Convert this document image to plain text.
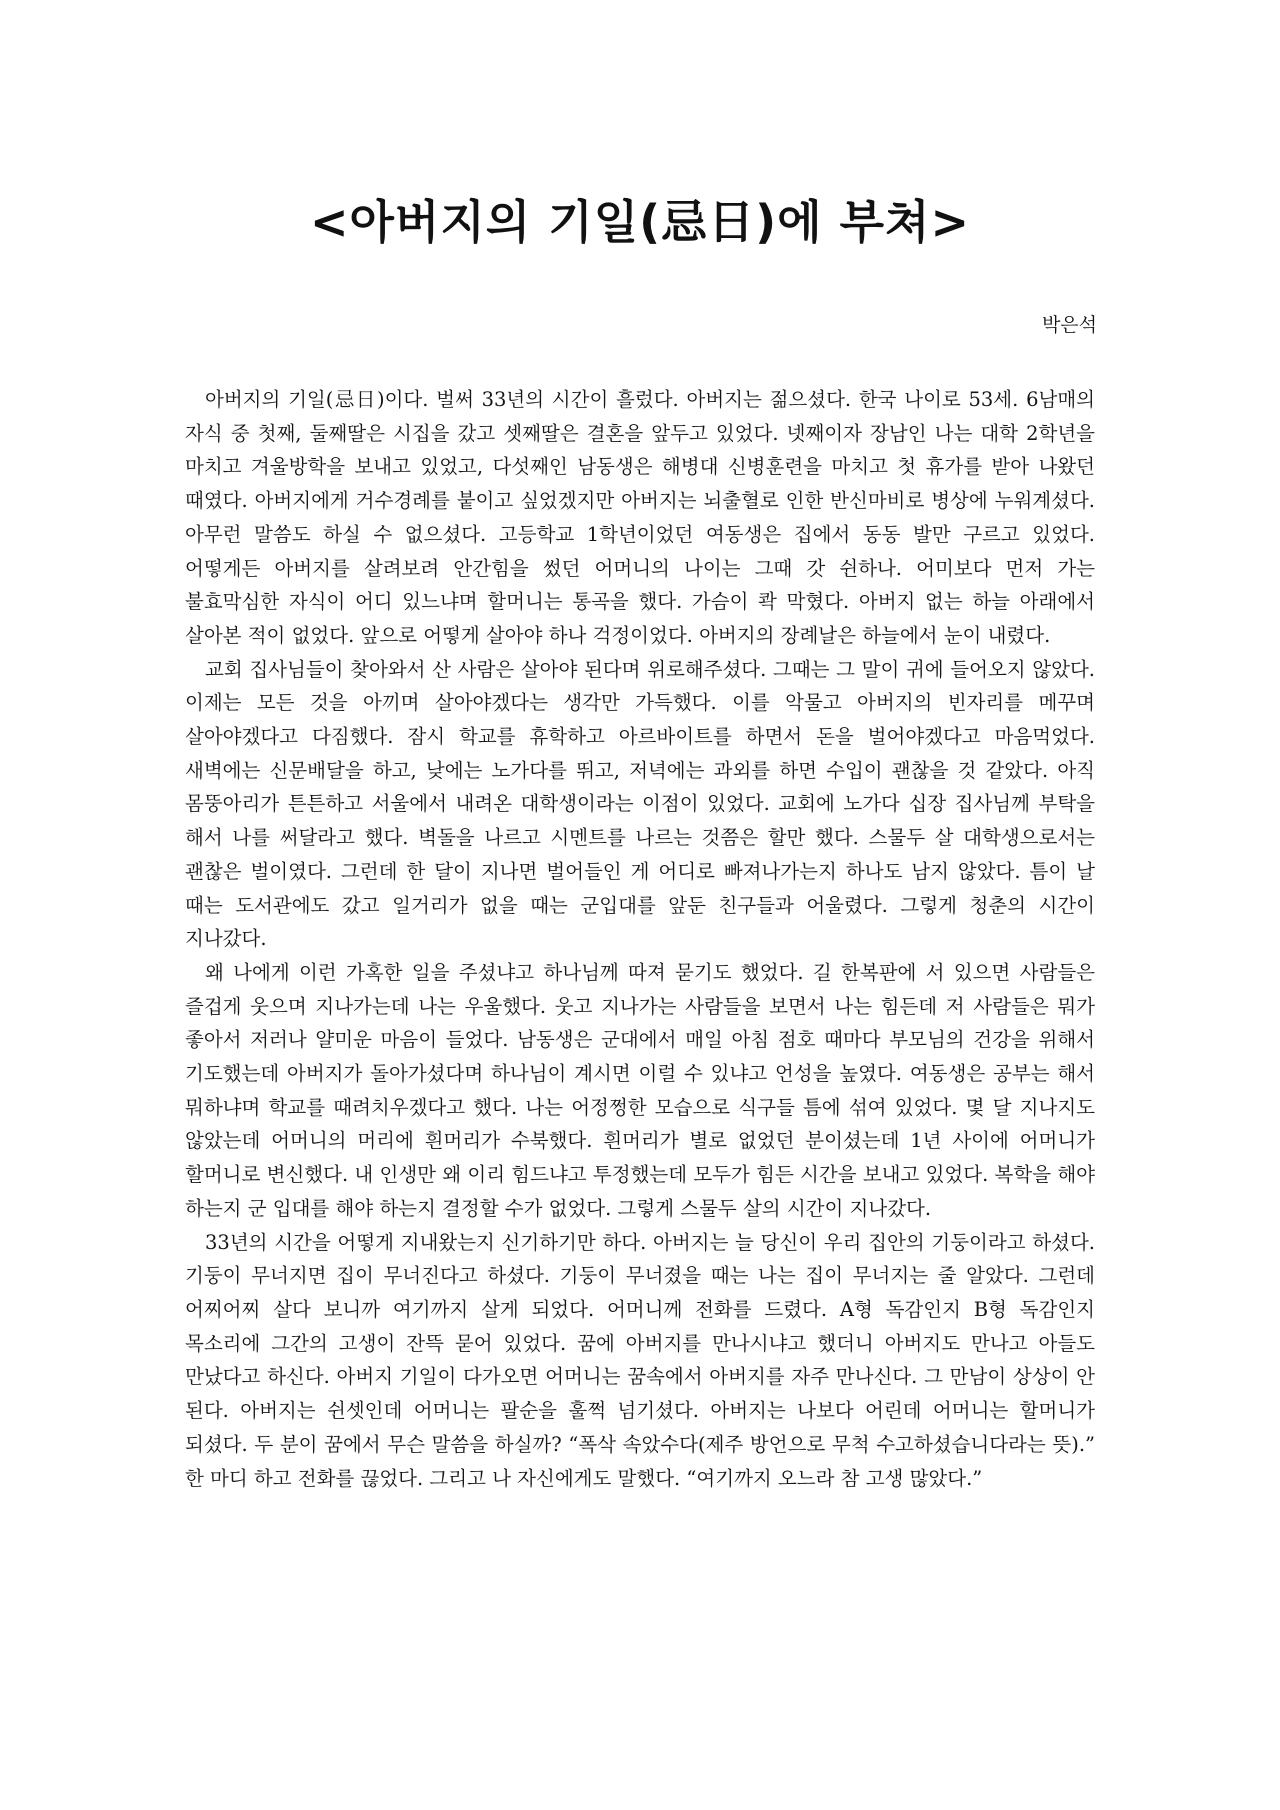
<아버지의 기일(忌日)에 부쳐>
박은석

아버지의 기일(忌日)이다. 벌써 33년의 시간이 흘렀다. 아버지는 젊으셨다. 한국 나이로 53세. 6남매의 자식 중 첫째, 둘째딸은 시집을 갔고 셋째딸은 결혼을 앞두고 있었다. 넷째이자 장남인 나는 대학 2학년을 마치고 겨울방학을 보내고 있었고, 다섯째인 남동생은 해병대 신병훈련을 마치고 첫 휴가를 받아 나왔던 때였다. 아버지에게 거수경례를 붙이고 싶었겠지만 아버지는 뇌출혈로 인한 반신마비로 병상에 누워계셨다. 아무런 말씀도 하실 수 없으셨다. 고등학교 1학년이었던 여동생은 집에서 동동 발만 구르고 있었다. 어떻게든 아버지를 살려보려 안간힘을 썼던 어머니의 나이는 그때 갓 쉰하나. 어미보다 먼저 가는 불효막심한 자식이 어디 있느냐며 할머니는 통곡을 했다. 가슴이 콱 막혔다. 아버지 없는 하늘 아래에서 살아본 적이 없었다. 앞으로 어떻게 살아야 하나 걱정이었다. 아버지의 장례날은 하늘에서 눈이 내렸다.

교회 집사님들이 찾아와서 산 사람은 살아야 된다며 위로해주셨다. 그때는 그 말이 귀에 들어오지 않았다. 이제는 모든 것을 아끼며 살아야겠다는 생각만 가득했다. 이를 악물고 아버지의 빈자리를 메꾸며 살아야겠다고 다짐했다. 잠시 학교를 휴학하고 아르바이트를 하면서 돈을 벌어야겠다고 마음먹었다. 새벽에는 신문배달을 하고, 낮에는 노가다를 뛰고, 저녁에는 과외를 하면 수입이 괜찮을 것 같았다. 아직 몸뚱아리가 튼튼하고 서울에서 내려온 대학생이라는 이점이 있었다. 교회에 노가다 십장 집사님께 부탁을 해서 나를 써달라고 했다. 벽돌을 나르고 시멘트를 나르는 것쯤은 할만 했다. 스물두 살 대학생으로서는 괜찮은 벌이였다. 그런데 한 달이 지나면 벌어들인 게 어디로 빠져나가는지 하나도 남지 않았다. 틈이 날 때는 도서관에도 갔고 일거리가 없을 때는 군입대를 앞둔 친구들과 어울렸다. 그렇게 청춘의 시간이 지나갔다.

왜 나에게 이런 가혹한 일을 주셨냐고 하나님께 따져 묻기도 했었다. 길 한복판에 서 있으면 사람들은 즐겁게 웃으며 지나가는데 나는 우울했다. 웃고 지나가는 사람들을 보면서 나는 힘든데 저 사람들은 뭐가 좋아서 저러나 얄미운 마음이 들었다. 남동생은 군대에서 매일 아침 점호 때마다 부모님의 건강을 위해서 기도했는데 아버지가 돌아가셨다며 하나님이 계시면 이럴 수 있냐고 언성을 높였다. 여동생은 공부는 해서 뭐하냐며 학교를 때려치우겠다고 했다. 나는 어정쩡한 모습으로 식구들 틈에 섞여 있었다. 몇 달 지나지도 않았는데 어머니의 머리에 흰머리가 수북했다. 흰머리가 별로 없었던 분이셨는데 1년 사이에 어머니가 할머니로 변신했다. 내 인생만 왜 이리 힘드냐고 투정했는데 모두가 힘든 시간을 보내고 있었다. 복학을 해야 하는지 군 입대를 해야 하는지 결정할 수가 없었다. 그렇게 스물두 살의 시간이 지나갔다.

33년의 시간을 어떻게 지내왔는지 신기하기만 하다. 아버지는 늘 당신이 우리 집안의 기둥이라고 하셨다. 기둥이 무너지면 집이 무너진다고 하셨다. 기둥이 무너졌을 때는 나는 집이 무너지는 줄 알았다. 그런데 어찌어찌 살다 보니까 여기까지 살게 되었다. 어머니께 전화를 드렸다. A형 독감인지 B형 독감인지 목소리에 그간의 고생이 잔뜩 묻어 있었다. 꿈에 아버지를 만나시냐고 했더니 아버지도 만나고 아들도 만났다고 하신다. 아버지 기일이 다가오면 어머니는 꿈속에서 아버지를 자주 만나신다. 그 만남이 상상이 안 된다. 아버지는 쉰셋인데 어머니는 팔순을 훌쩍 넘기셨다. 아버지는 나보다 어린데 어머니는 할머니가 되셨다. 두 분이 꿈에서 무슨 말씀을 하실까? “폭삭 속았수다(제주 방언으로 무척 수고하셨습니다라는 뜻).” 한 마디 하고 전화를 끊었다. 그리고 나 자신에게도 말했다. “여기까지 오느라 참 고생 많았다.”
